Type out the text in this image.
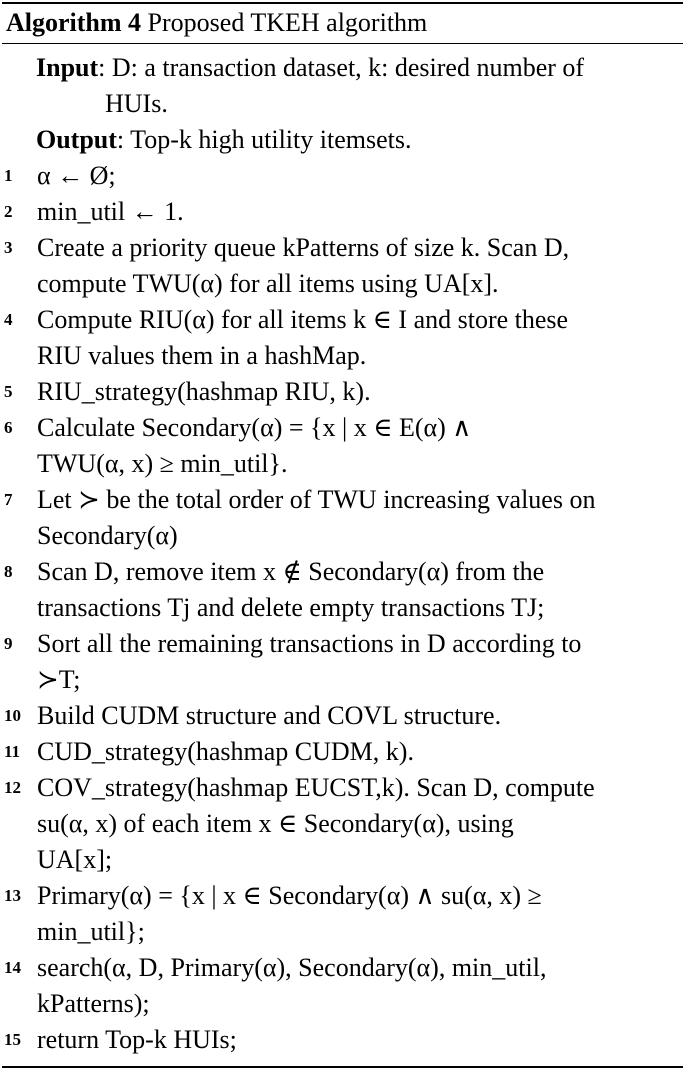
Algorithm 4 Proposed TKEH algorithm
Input: D: a transaction dataset, k: desired number of
HUIs.
Output: Top-k high utility itemsets.
1 α ← Ø;
2 min_util ← 1.
3 Create a priority queue kPatterns of size k. Scan D,
compute TWU(α) for all items using UA[x].
4 Compute RIU(α) for all items k ∈ I and store these
RIU values them in a hashMap.
5 RIU_strategy(hashmap RIU, k).
6 Calculate Secondary(α) = {x | x ∈ E(α) ∧
TWU(α, x) ≥ min_util}.
7 Let ≻ be the total order of TWU increasing values on
Secondary(α)
8 Scan D, remove item x ∉ Secondary(α) from the
transactions Tj and delete empty transactions TJ;
9 Sort all the remaining transactions in D according to
≻T;
10 Build CUDM structure and COVL structure.
11 CUD_strategy(hashmap CUDM, k).
12 COV_strategy(hashmap EUCST,k). Scan D, compute
su(α, x) of each item x ∈ Secondary(α), using
UA[x];
13 Primary(α) = {x | x ∈ Secondary(α) ∧ su(α, x) ≥
min_util};
14 search(α, D, Primary(α), Secondary(α), min_util,
kPatterns);
15 return Top-k HUIs;
